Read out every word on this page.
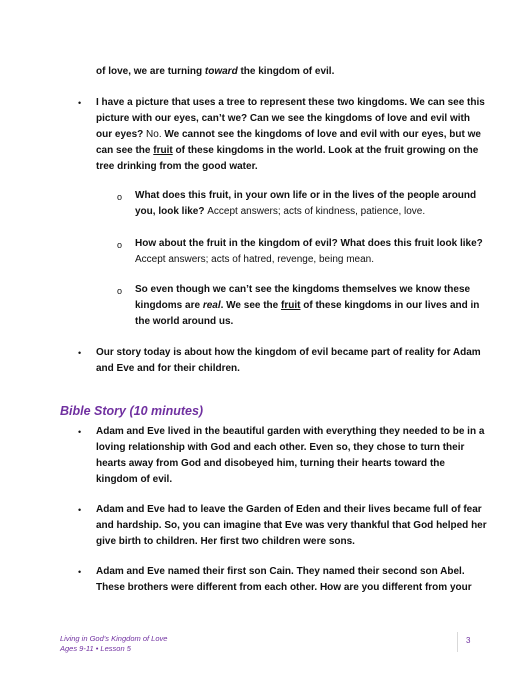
of love, we are turning toward the kingdom of evil.
• I have a picture that uses a tree to represent these two kingdoms. We can see this
picture with our eyes, can’t we? Can we see the kingdoms of love and evil with
our eyes? No. We cannot see the kingdoms of love and evil with our eyes, but we
can see the fruit of these kingdoms in the world. Look at the fruit growing on the
tree drinking from the good water.
o What does this fruit, in your own life or in the lives of the people around
you, look like? Accept answers; acts of kindness, patience, love.
o How about the fruit in the kingdom of evil? What does this fruit look like?
Accept answers; acts of hatred, revenge, being mean.
o So even though we can’t see the kingdoms themselves we know these
kingdoms are real. We see the fruit of these kingdoms in our lives and in
the world around us.
• Our story today is about how the kingdom of evil became part of reality for Adam
and Eve and for their children.
Bible Story (10 minutes)
• Adam and Eve lived in the beautiful garden with everything they needed to be in a
loving relationship with God and each other. Even so, they chose to turn their
hearts away from God and disobeyed him, turning their hearts toward the
kingdom of evil.
• Adam and Eve had to leave the Garden of Eden and their lives became full of fear
and hardship. So, you can imagine that Eve was very thankful that God helped her
give birth to children. Her first two children were sons.
• Adam and Eve named their first son Cain. They named their second son Abel.
These brothers were different from each other. How are you different from your
Living in God’s Kingdom of Love
Ages 9-11 • Lesson 5
3
